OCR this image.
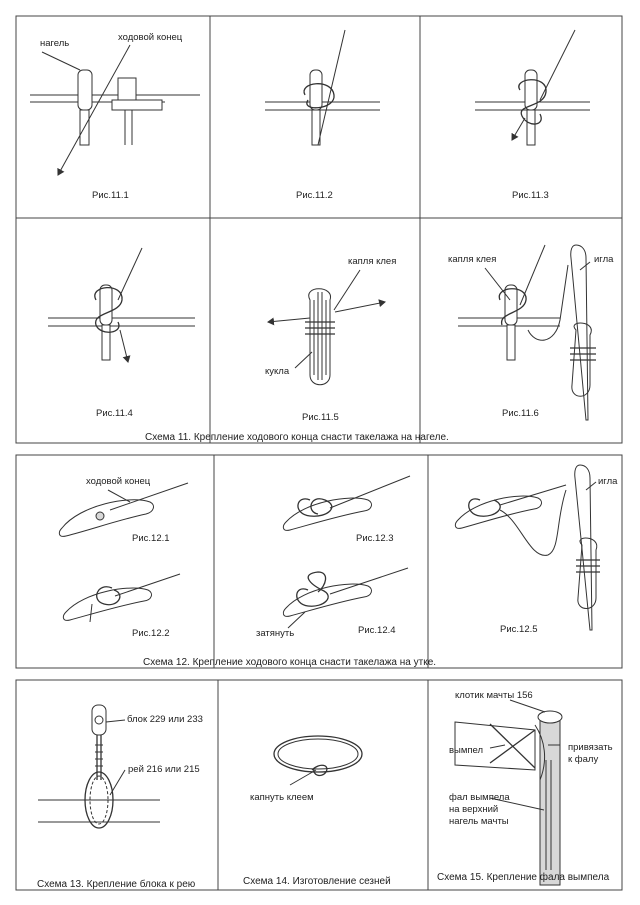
нагель
ходовой конец
Рис.11.1	Рис.11.2	Рис.11.3
Рис.11.4
капля клея
кукла
Рис.11.5
капля клея	игла
Рис.11.6
Схема 11. Крепление ходового конца снасти такелажа на нагеле.
ходовой конец
Рис.12.1
Рис.12.2
Рис.12.3
затянуть	Рис.12.4
игла
Рис.12.5
Схема 12. Крепление ходового конца снасти такелажа на утке.
блок 229 или 233
рей 216 или 215
Схема 13. Крепление блока к рею
капнуть клеем
Схема 14. Изготовление сезней
клотик мачты 156
привязать
к фалу
вымпел
фал вымпела
на верхний
нагель мачты
Схема 15. Крепление фала вымпела
